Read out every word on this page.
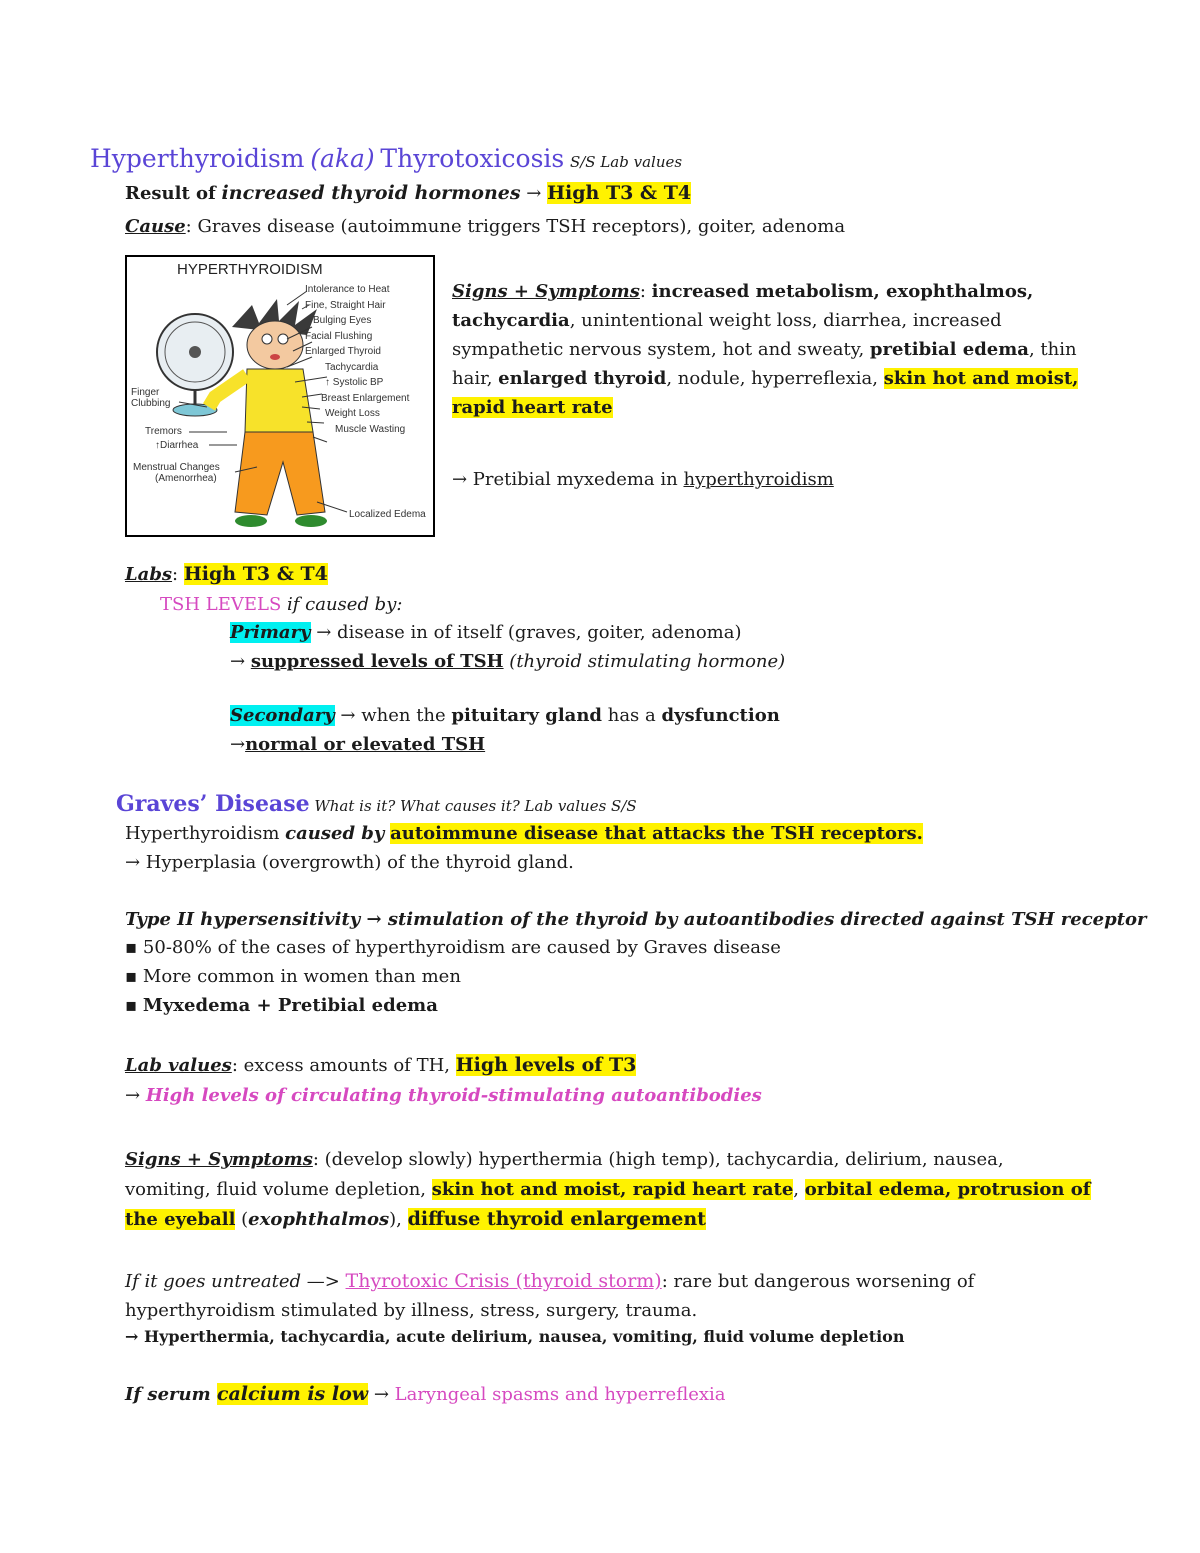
Hyperthyroidism (aka) Thyrotoxicosis S/S Lab values
Result of increased thyroid hormones → High T3 & T4
Cause: Graves disease (autoimmune triggers TSH receptors), goiter, adenoma
HYPERTHYROIDISM
Intolerance to Heat
Fine, Straight Hair
Bulging Eyes
Facial Flushing
Enlarged Thyroid
Tachycardia
↑ Systolic BP
Breast Enlargement
Weight Loss
Muscle Wasting
Localized Edema
Finger
Clubbing
Tremors
↑Diarrhea
Menstrual Changes
(Amenorrhea)
Signs + Symptoms: increased metabolism, exophthalmos,
tachycardia, unintentional weight loss, diarrhea, increased
sympathetic nervous system, hot and sweaty, pretibial edema, thin
hair, enlarged thyroid, nodule, hyperreflexia, skin hot and moist,
rapid heart rate
→ Pretibial myxedema in hyperthyroidism
Labs: High T3 & T4
TSH LEVELS if caused by:
Primary → disease in of itself (graves, goiter, adenoma)
→ suppressed levels of TSH (thyroid stimulating hormone)
Secondary → when the pituitary gland has a dysfunction
→normal or elevated TSH
Graves’ Disease What is it? What causes it? Lab values S/S
Hyperthyroidism caused by autoimmune disease that attacks the TSH receptors.
→ Hyperplasia (overgrowth) of the thyroid gland.
Type II hypersensitivity → stimulation of the thyroid by autoantibodies directed against TSH receptor
▪ 50-80% of the cases of hyperthyroidism are caused by Graves disease
▪ More common in women than men
▪ Myxedema + Pretibial edema
Lab values: excess amounts of TH, High levels of T3
→ High levels of circulating thyroid-stimulating autoantibodies
Signs + Symptoms: (develop slowly) hyperthermia (high temp), tachycardia, delirium, nausea,
vomiting, fluid volume depletion, skin hot and moist, rapid heart rate, orbital edema, protrusion of
the eyeball (exophthalmos), diffuse thyroid enlargement
If it goes untreated —> Thyrotoxic Crisis (thyroid storm): rare but dangerous worsening of
hyperthyroidism stimulated by illness, stress, surgery, trauma.
→ Hyperthermia, tachycardia, acute delirium, nausea, vomiting, fluid volume depletion
If serum calcium is low → Laryngeal spasms and hyperreflexia
